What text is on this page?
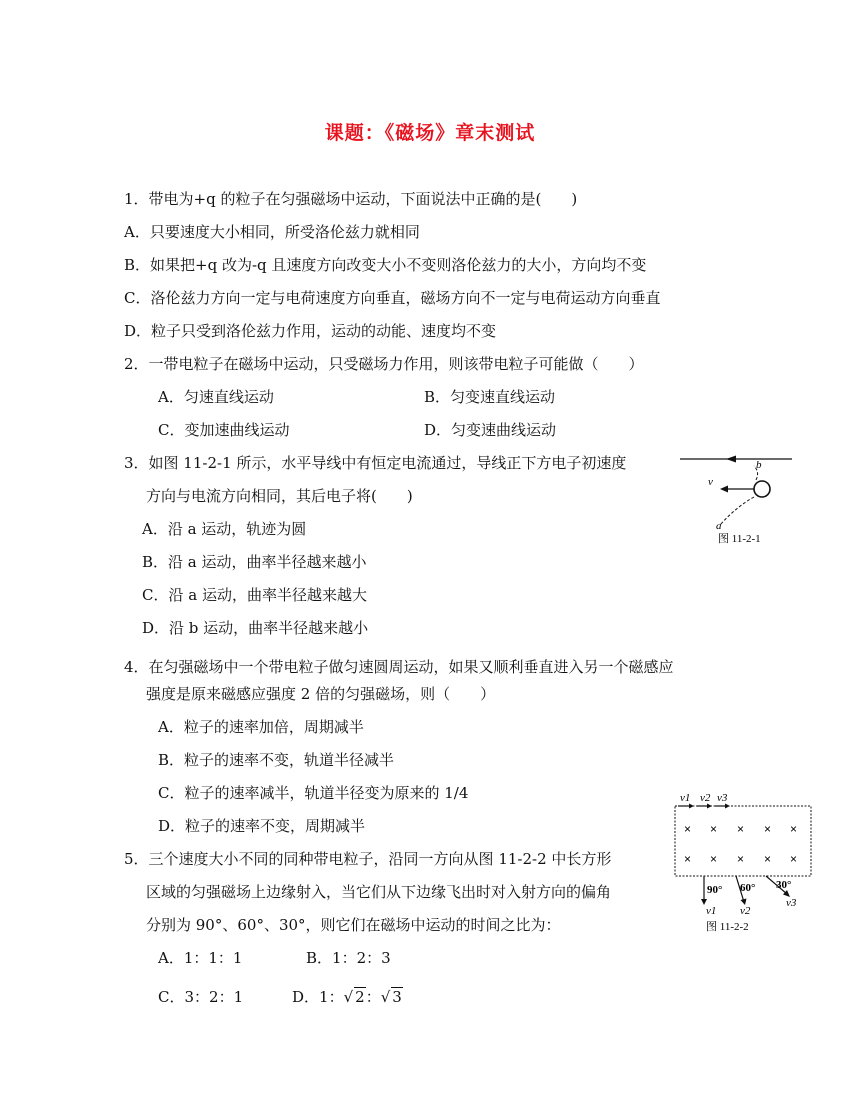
课题：《磁场》章末测试
1．带电为+q 的粒子在匀强磁场中运动，下面说法中正确的是(　　)
A．只要速度大小相同，所受洛伦兹力就相同
B．如果把+q 改为-q 且速度方向改变大小不变则洛伦兹力的大小，方向均不变
C．洛伦兹力方向一定与电荷速度方向垂直，磁场方向不一定与电荷运动方向垂直
D．粒子只受到洛伦兹力作用，运动的动能、速度均不变
2．一带电粒子在磁场中运动，只受磁场力作用，则该带电粒子可能做（　　）
A．匀速直线运动	B．匀变速直线运动
C．变加速曲线运动	D．匀变速曲线运动
3．如图 11-2-1 所示，水平导线中有恒定电流通过，导线正下方电子初速度
方向与电流方向相同，其后电子将(　　)
A．沿 a 运动，轨迹为圆
B．沿 a 运动，曲率半径越来越小
C．沿 a 运动，曲率半径越来越大
D．沿 b 运动，曲率半径越来越小
v
a
b
图 11-2-1
4．在匀强磁场中一个带电粒子做匀速圆周运动，如果又顺利垂直进入另一个磁感应
强度是原来磁感应强度 2 倍的匀强磁场，则（　　）
A．粒子的速率加倍，周期减半
B．粒子的速率不变，轨道半径减半
C．粒子的速率减半，轨道半径变为原来的 1/4
D．粒子的速率不变，周期减半
5．三个速度大小不同的同种带电粒子，沿同一方向从图 11-2-2 中长方形
区域的匀强磁场上边缘射入，当它们从下边缘飞出时对入射方向的偏角
分别为 90°、60°、30°，则它们在磁场中运动的时间之比为：
A．1：1：1	B．1：2：3
C．3：2：1	D．1：√ 2：√ 3
v1 v2 v3
× × × × ×
× × × × ×
90° 60° 30°
v1 v2
v3
图 11-2-2
